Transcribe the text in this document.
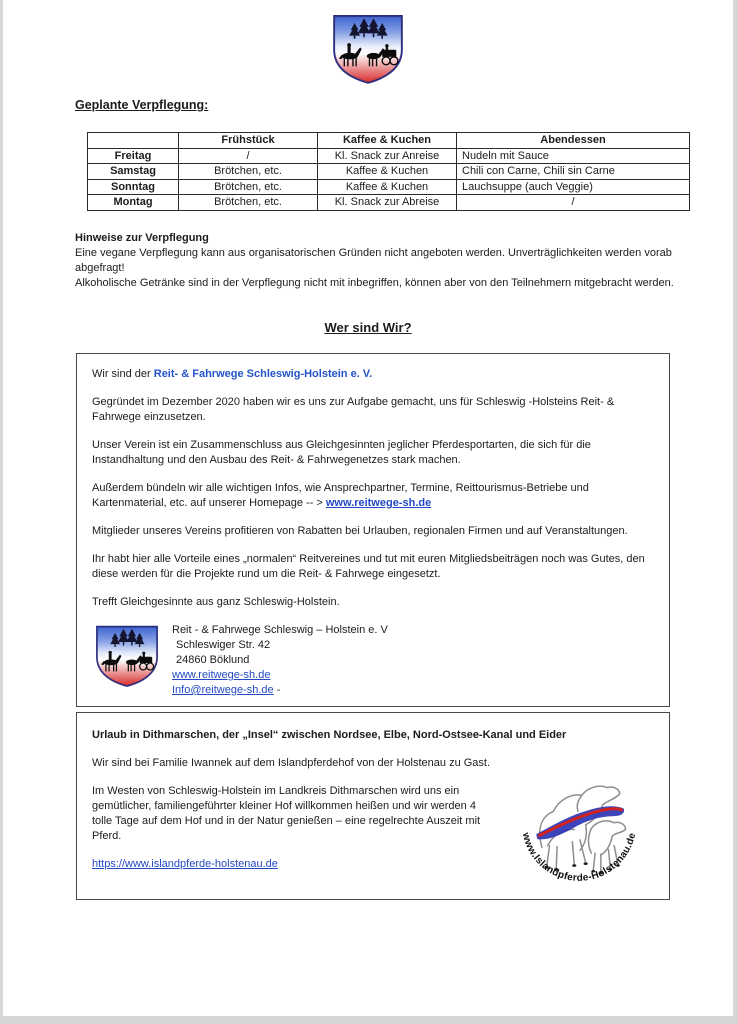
Geplante Verpflegung:
	Frühstück	Kaffee & Kuchen	Abendessen
Freitag	/	Kl. Snack zur Anreise	Nudeln mit Sauce
Samstag	Brötchen, etc.	Kaffee & Kuchen	Chili con Carne, Chili sin Carne
Sonntag	Brötchen, etc.	Kaffee & Kuchen	Lauchsuppe (auch Veggie)
Montag	Brötchen, etc.	Kl. Snack zur Abreise	/
Hinweise zur Verpflegung
Eine vegane Verpflegung kann aus organisatorischen Gründen nicht angeboten werden. Unverträglichkeiten werden vorab abgefragt!
Alkoholische Getränke sind in der Verpflegung nicht mit inbegriffen, können aber von den Teilnehmern mitgebracht werden.
Wer sind Wir?
Wir sind der Reit- & Fahrwege Schleswig-Holstein e. V.
Gegründet im Dezember 2020 haben wir es uns zur Aufgabe gemacht, uns für Schleswig -Holsteins Reit- & Fahrwege einzusetzen.
Unser Verein ist ein Zusammenschluss aus Gleichgesinnten jeglicher Pferdesportarten, die sich für die Instandhaltung und den Ausbau des Reit- & Fahrwegenetzes stark machen.
Außerdem bündeln wir alle wichtigen Infos, wie Ansprechpartner, Termine, Reittourismus-Betriebe und Kartenmaterial, etc. auf unserer Homepage -- > www.reitwege-sh.de
Mitglieder unseres Vereins profitieren von Rabatten bei Urlauben, regionalen Firmen und auf Veranstaltungen.
Ihr habt hier alle Vorteile eines „normalen“ Reitvereines und tut mit euren Mitgliedsbeiträgen noch was Gutes, den diese werden für die Projekte rund um die Reit- & Fahrwege eingesetzt.
Trefft Gleichgesinnte aus ganz Schleswig-Holstein.
Reit - & Fahrwege Schleswig – Holstein e. V
Schleswiger Str. 42
24860 Böklund
www.reitwege-sh.de
Info@reitwege-sh.de -
Urlaub in Dithmarschen, der „Insel“ zwischen Nordsee, Elbe, Nord-Ostsee-Kanal und Eider
www.Islandpferde-Holstenau.de
Wir sind bei Familie Iwannek auf dem Islandpferdehof von der Holstenau zu Gast.
Im Westen von Schleswig-Holstein im Landkreis Dithmarschen wird uns ein gemütlicher, familiengeführter kleiner Hof willkommen heißen und wir werden 4 tolle Tage auf dem Hof und in der Natur genießen – eine regelrechte Auszeit mit Pferd.
https://www.islandpferde-holstenau.de
